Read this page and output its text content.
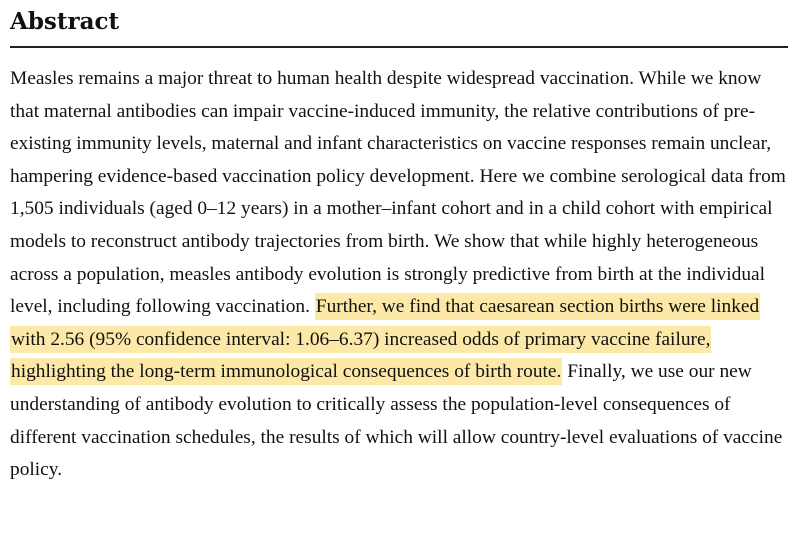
Abstract

Measles remains a major threat to human health despite widespread vaccination. While we know that maternal antibodies can impair vaccine-induced immunity, the relative contributions of pre-existing immunity levels, maternal and infant characteristics on vaccine responses remain unclear, hampering evidence-based vaccination policy development. Here we combine serological data from 1,505 individuals (aged 0–12 years) in a mother–infant cohort and in a child cohort with empirical models to reconstruct antibody trajectories from birth. We show that while highly heterogeneous across a population, measles antibody evolution is strongly predictive from birth at the individual level, including following vaccination. Further, we find that caesarean section births were linked with 2.56 (95% confidence interval: 1.06–6.37) increased odds of primary vaccine failure, highlighting the long-term immunological consequences of birth route. Finally, we use our new understanding of antibody evolution to critically assess the population-level consequences of different vaccination schedules, the results of which will allow country-level evaluations of vaccine policy.
